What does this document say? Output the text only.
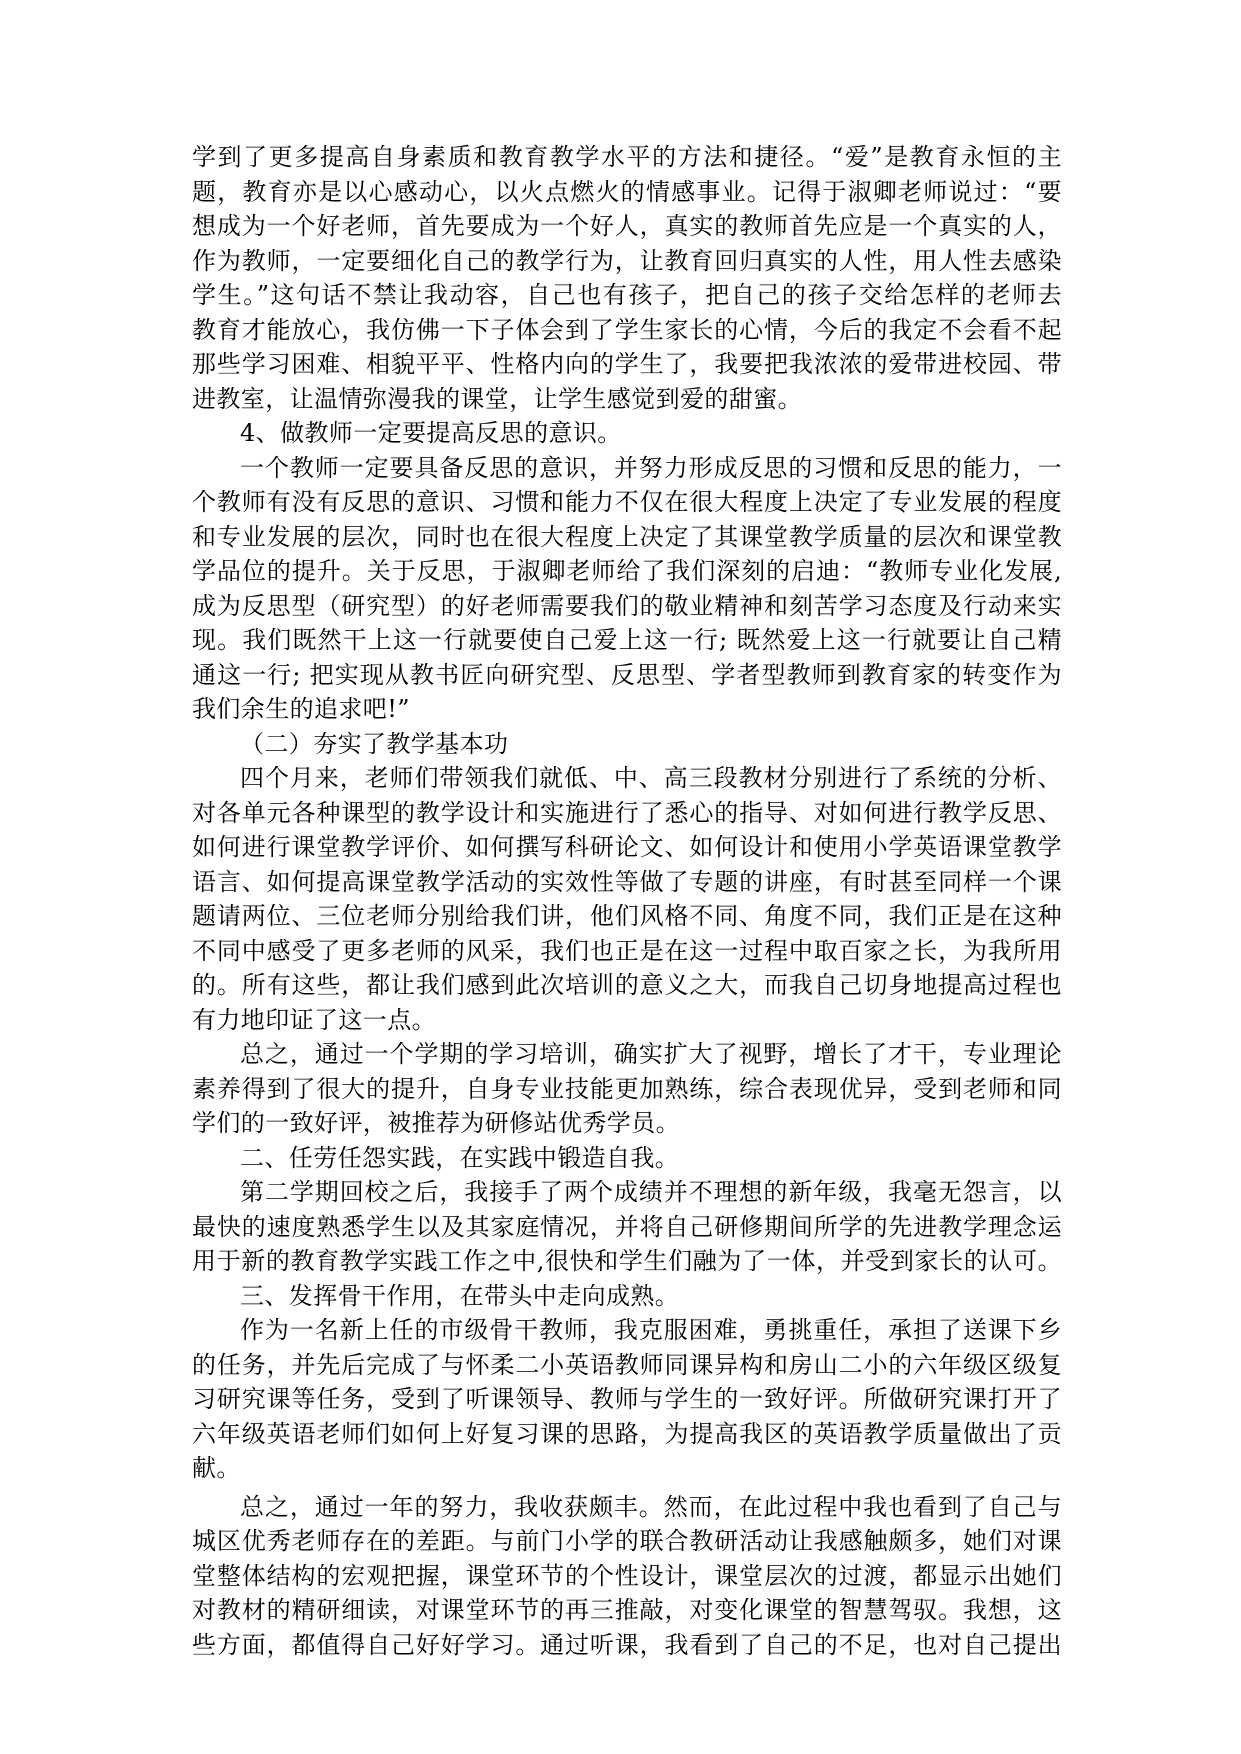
学到了更多提高自身素质和教育教学水平的方法和捷径。“爱”是教育永恒的主
题，教育亦是以心感动心，以火点燃火的情感事业。记得于淑卿老师说过：“要
想成为一个好老师，首先要成为一个好人，真实的教师首先应是一个真实的人，
作为教师，一定要细化自己的教学行为，让教育回归真实的人性，用人性去感染
学生。”这句话不禁让我动容，自己也有孩子，把自己的孩子交给怎样的老师去
教育才能放心，我仿佛一下子体会到了学生家长的心情，今后的我定不会看不起
那些学习困难、相貌平平、性格内向的学生了，我要把我浓浓的爱带进校园、带
进教室，让温情弥漫我的课堂，让学生感觉到爱的甜蜜。
4、做教师一定要提高反思的意识。
一个教师一定要具备反思的意识，并努力形成反思的习惯和反思的能力，一
个教师有没有反思的意识、习惯和能力不仅在很大程度上决定了专业发展的程度
和专业发展的层次，同时也在很大程度上决定了其课堂教学质量的层次和课堂教
学品位的提升。关于反思，于淑卿老师给了我们深刻的启迪：“教师专业化发展,
成为反思型（研究型）的好老师需要我们的敬业精神和刻苦学习态度及行动来实
现。我们既然干上这一行就要使自己爱上这一行; 既然爱上这一行就要让自己精
通这一行; 把实现从教书匠向研究型、反思型、学者型教师到教育家的转变作为
我们余生的追求吧!”
（二）夯实了教学基本功
四个月来，老师们带领我们就低、中、高三段教材分别进行了系统的分析、
对各单元各种课型的教学设计和实施进行了悉心的指导、对如何进行教学反思、
如何进行课堂教学评价、如何撰写科研论文、如何设计和使用小学英语课堂教学
语言、如何提高课堂教学活动的实效性等做了专题的讲座，有时甚至同样一个课
题请两位、三位老师分别给我们讲，他们风格不同、角度不同，我们正是在这种
不同中感受了更多老师的风采，我们也正是在这一过程中取百家之长，为我所用
的。所有这些，都让我们感到此次培训的意义之大，而我自己切身地提高过程也
有力地印证了这一点。
总之，通过一个学期的学习培训，确实扩大了视野，增长了才干，专业理论
素养得到了很大的提升，自身专业技能更加熟练，综合表现优异，受到老师和同
学们的一致好评，被推荐为研修站优秀学员。
二、任劳任怨实践，在实践中锻造自我。
第二学期回校之后，我接手了两个成绩并不理想的新年级，我毫无怨言，以
最快的速度熟悉学生以及其家庭情况，并将自己研修期间所学的先进教学理念运
用于新的教育教学实践工作之中,很快和学生们融为了一体，并受到家长的认可。
三、发挥骨干作用，在带头中走向成熟。
作为一名新上任的市级骨干教师，我克服困难，勇挑重任，承担了送课下乡
的任务，并先后完成了与怀柔二小英语教师同课异构和房山二小的六年级区级复
习研究课等任务，受到了听课领导、教师与学生的一致好评。所做研究课打开了
六年级英语老师们如何上好复习课的思路，为提高我区的英语教学质量做出了贡
献。
总之，通过一年的努力，我收获颇丰。然而，在此过程中我也看到了自己与
城区优秀老师存在的差距。与前门小学的联合教研活动让我感触颇多，她们对课
堂整体结构的宏观把握，课堂环节的个性设计，课堂层次的过渡，都显示出她们
对教材的精研细读，对课堂环节的再三推敲，对变化课堂的智慧驾驭。我想，这
些方面，都值得自己好好学习。通过听课，我看到了自己的不足，也对自己提出
